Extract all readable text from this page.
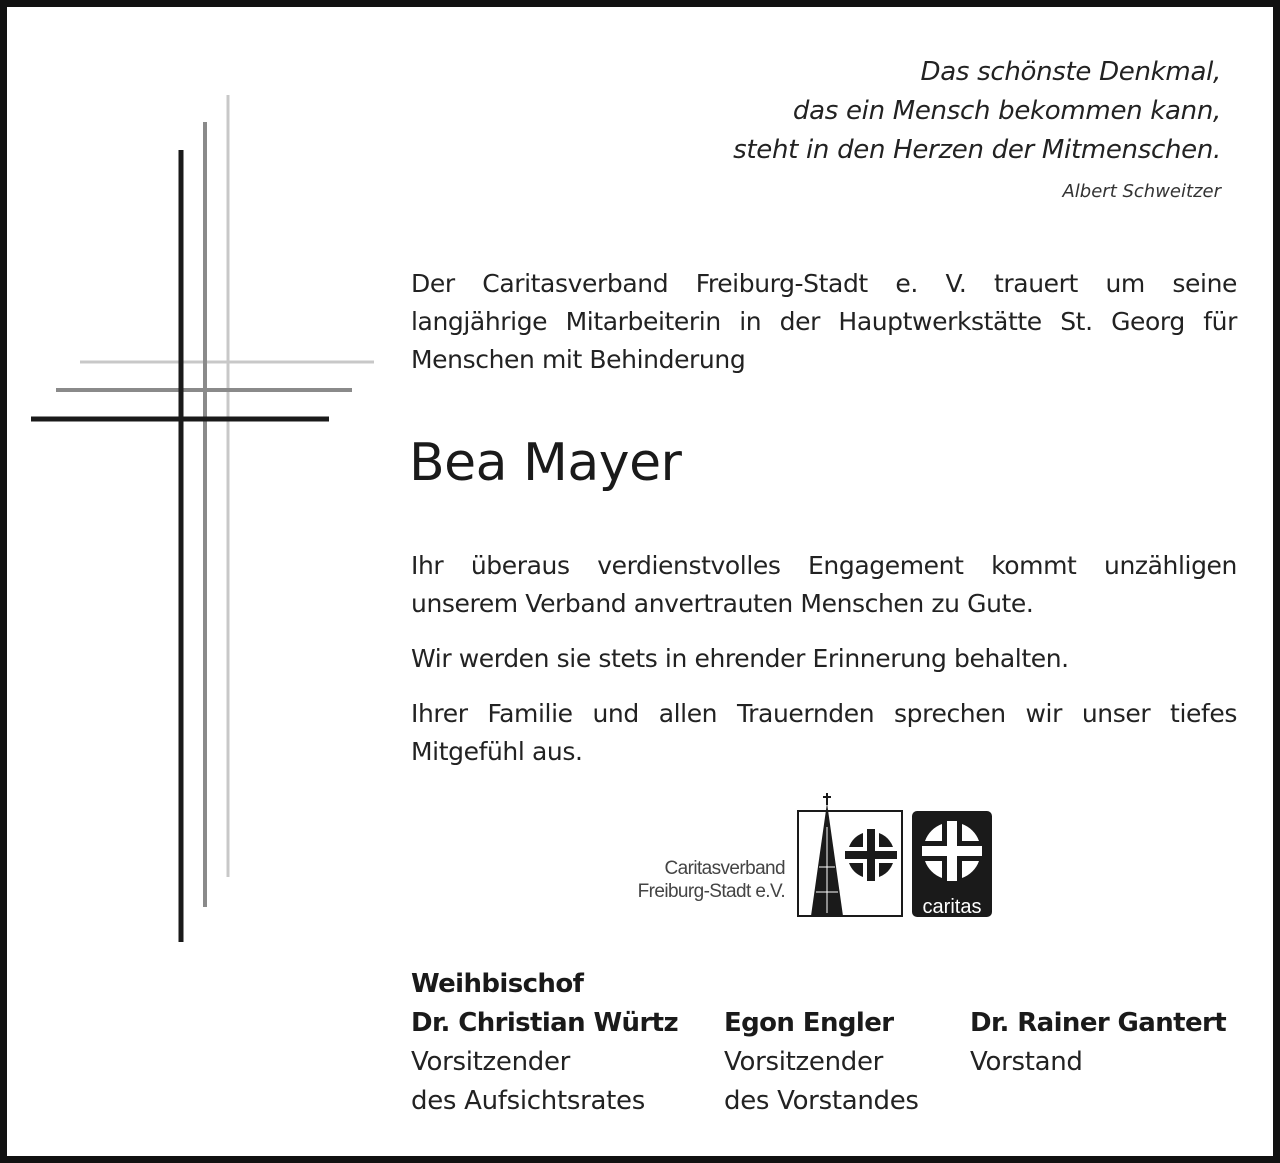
Das schönste Denkmal,
das ein Mensch bekommen kann,
steht in den Herzen der Mitmenschen.
Albert Schweitzer
Der Caritasverband Freiburg-Stadt e. V. trauert um seine langjährige Mitarbeiterin in der Hauptwerkstätte St. Georg für Menschen mit Behinderung
Bea Mayer
Ihr überaus verdienstvolles Engagement kommt unzähligen unserem Verband anvertrauten Menschen zu Gute.
Wir werden sie stets in ehrender Erinnerung behalten.
Ihrer Familie und allen Trauernden sprechen wir unser tiefes Mitgefühl aus.
Caritasverband
Freiburg-Stadt e.V.
caritas
Weihbischof
Dr. Christian Würtz
Vorsitzender
des Aufsichtsrates
Egon Engler
Vorsitzender
des Vorstandes
Dr. Rainer Gantert
Vorstand
